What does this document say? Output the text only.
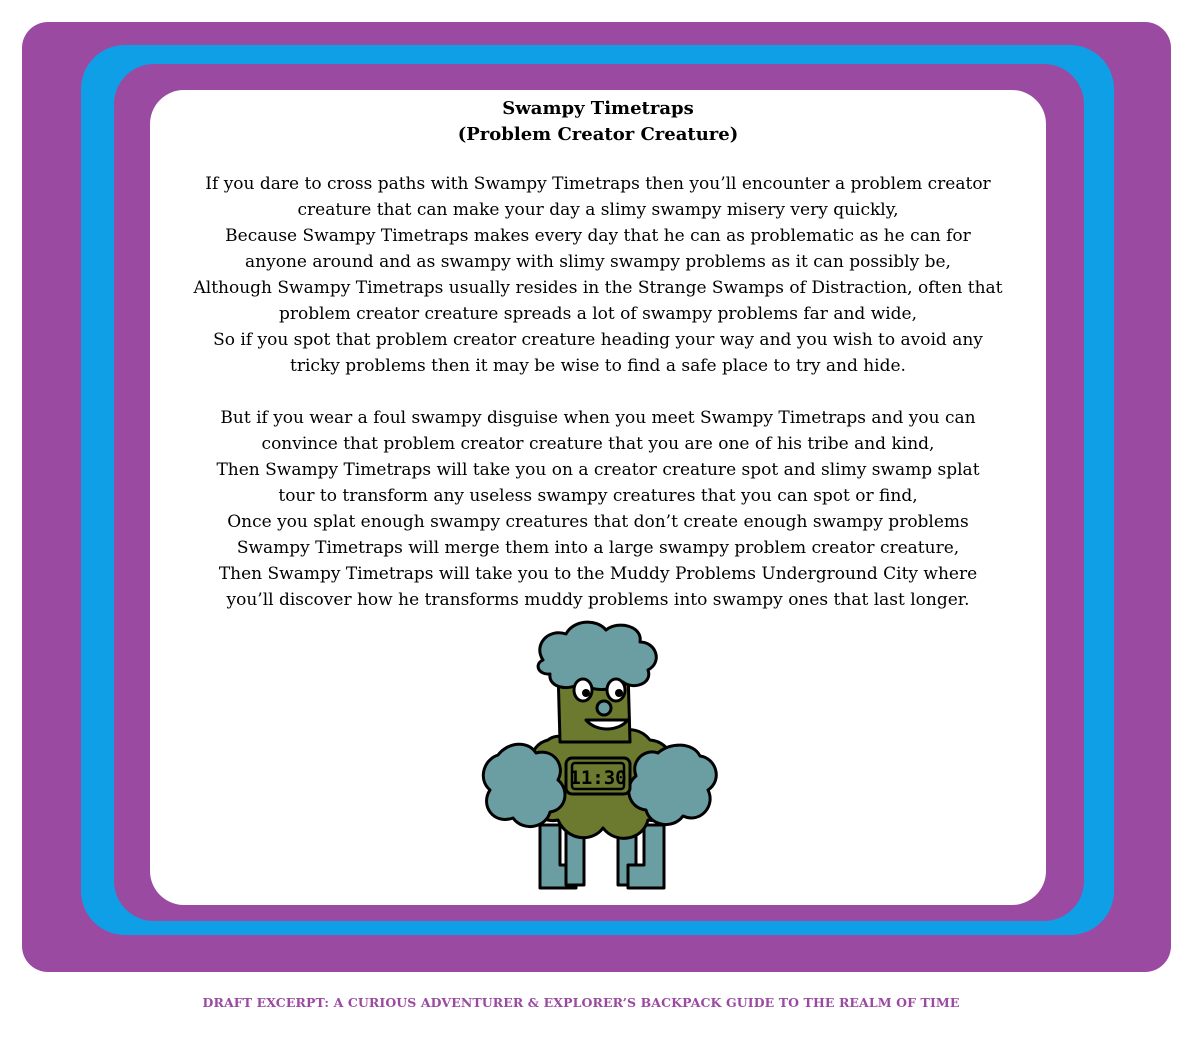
Swampy Timetraps
(Problem Creator Creature)
If you dare to cross paths with Swampy Timetraps then you’ll encounter a problem creator
creature that can make your day a slimy swampy misery very quickly,
Because Swampy Timetraps makes every day that he can as problematic as he can for
anyone around and as swampy with slimy swampy problems as it can possibly be,
Although Swampy Timetraps usually resides in the Strange Swamps of Distraction, often that
problem creator creature spreads a lot of swampy problems far and wide,
So if you spot that problem creator creature heading your way and you wish to avoid any
tricky problems then it may be wise to find a safe place to try and hide.
But if you wear a foul swampy disguise when you meet Swampy Timetraps and you can
convince that problem creator creature that you are one of his tribe and kind,
Then Swampy Timetraps will take you on a creator creature spot and slimy swamp splat
tour to transform any useless swampy creatures that you can spot or find,
Once you splat enough swampy creatures that don’t create enough swampy problems
Swampy Timetraps will merge them into a large swampy problem creator creature,
Then Swampy Timetraps will take you to the Muddy Problems Underground City where
you’ll discover how he transforms muddy problems into swampy ones that last longer.
11:30
DRAFT EXCERPT: A CURIOUS ADVENTURER & EXPLORER’S BACKPACK GUIDE TO THE REALM OF TIME
